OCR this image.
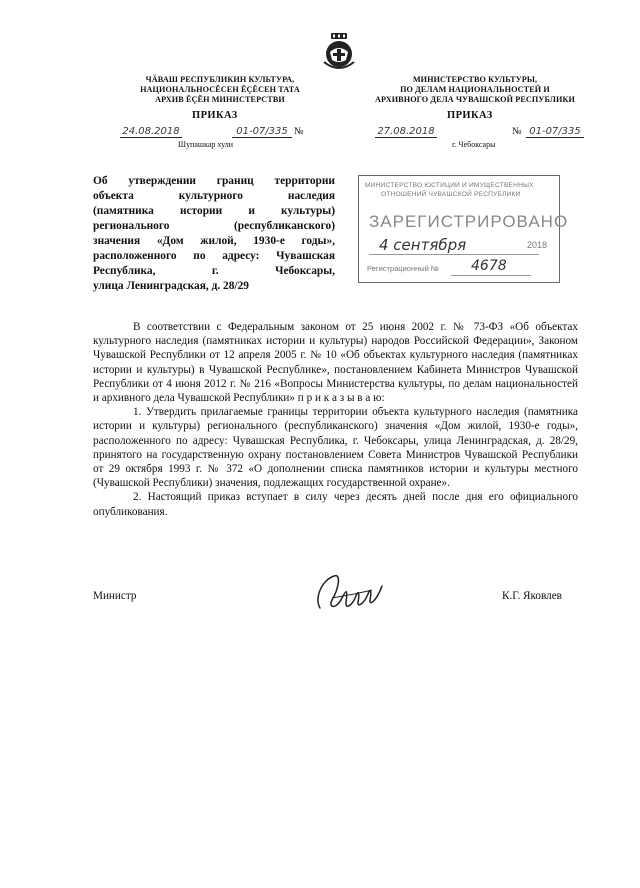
ЧӐВАШ РЕСПУБЛИКИН КУЛЬТУРА,
НАЦИОНАЛЬНОСĔСЕН ĔÇĔСЕН ТАТА
АРХИВ ĔÇĔН МИНИСТЕРСТВИ
МИНИСТЕРСТВО КУЛЬТУРЫ,
ПО ДЕЛАМ НАЦИОНАЛЬНОСТЕЙ И
АРХИВНОГО ДЕЛА ЧУВАШСКОЙ РЕСПУБЛИКИ
ПРИКАЗ	ПРИКАЗ
24.08.2018	01-07/335 №
Шупашкар хули
27.08.2018	№ 01-07/335
г. Чебоксары
Об утверждении границ территории
объекта культурного наследия
(памятника истории и культуры)
регионального (республиканского)
значения «Дом жилой, 1930-е годы»,
расположенного по адресу: Чувашская
Республика, г. Чебоксары,
улица Ленинградская, д. 28/29
МИНИСТЕРСТВО ЮСТИЦИИ И ИМУЩЕСТВЕННЫХ
ОТНОШЕНИЙ ЧУВАШСКОЙ РЕСПУБЛИКИ
ЗАРЕГИСТРИРОВАНО
4 сентября	2018
Регистрационный № 4678

В соответствии с Федеральным законом от 25 июня 2002 г. № 73-ФЗ «Об объектах культурного наследия (памятниках истории и культуры) народов Российской Федерации», Законом Чувашской Республики от 12 апреля 2005 г. № 10 «Об объектах культурного наследия (памятниках истории и культуры) в Чувашской Республике», постановлением Кабинета Министров Чувашской Республики от 4 июня 2012 г. № 216 «Вопросы Министерства культуры, по делам национальностей и архивного дела Чувашской Республики» п р и к а з ы в а ю:

1. Утвердить прилагаемые границы территории объекта культурного наследия (памятника истории и культуры) регионального (республиканского) значения «Дом жилой, 1930-е годы», расположенного по адресу: Чувашская Республика, г. Чебоксары, улица Ленинградская, д. 28/29, принятого на государственную охрану постановлением Совета Министров Чувашской Республики от 29 октября 1993 г. № 372 «О дополнении списка памятников истории и культуры местного (Чувашской Республики) значения, подлежащих государственной охране».

2. Настоящий приказ вступает в силу через десять дней после дня его официального опубликования.

Министр	К.Г. Яковлев
